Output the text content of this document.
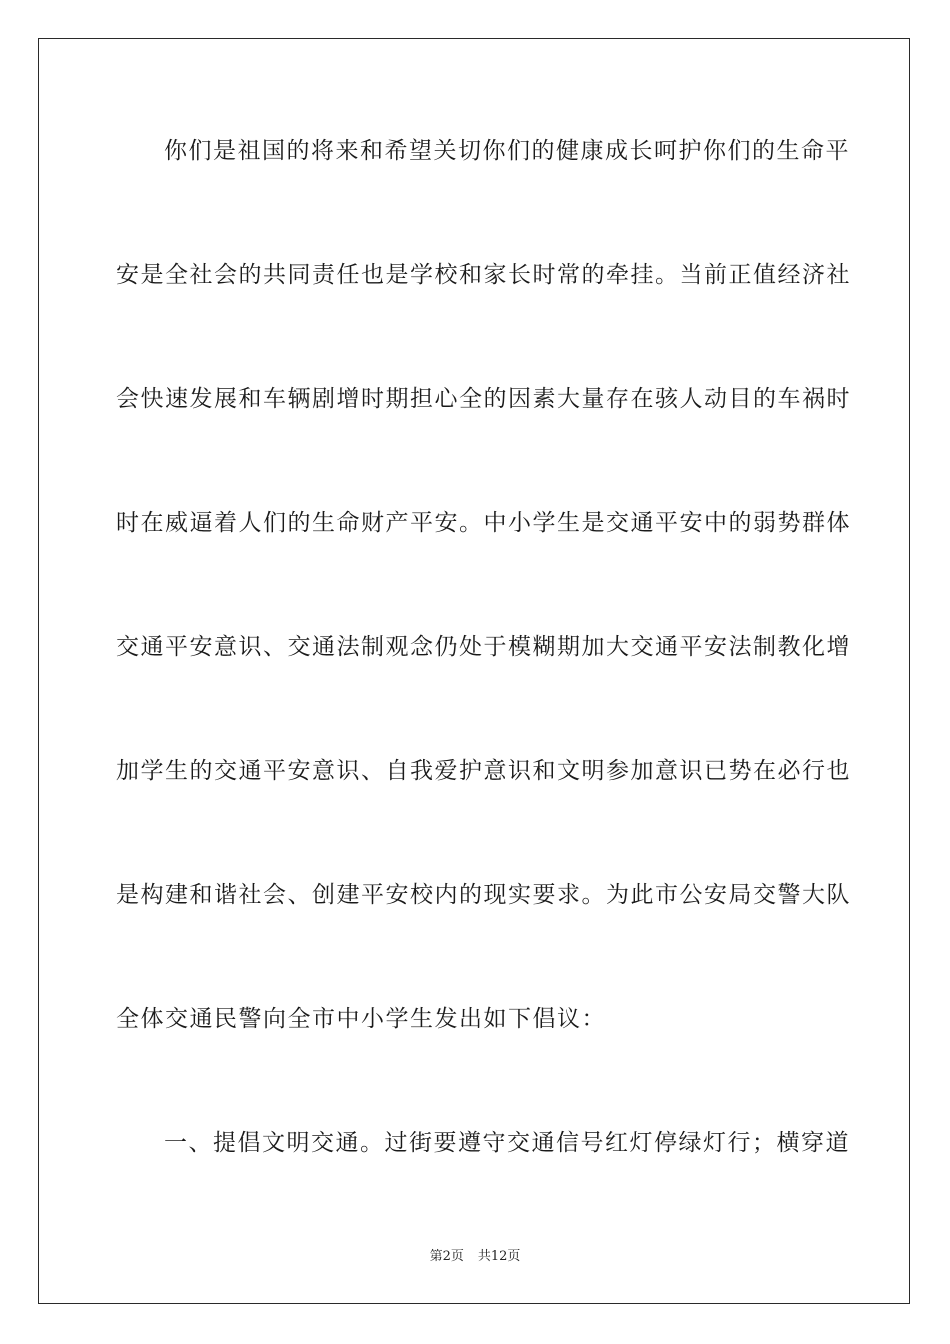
你们是祖国的将来和希望关切你们的健康成长呵护你们的生命平
安是全社会的共同责任也是学校和家长时常的牵挂。当前正值经济社
会快速发展和车辆剧增时期担心全的因素大量存在骇人动目的车祸时
时在威逼着人们的生命财产平安。中小学生是交通平安中的弱势群体
交通平安意识、交通法制观念仍处于模糊期加大交通平安法制教化增
加学生的交通平安意识、自我爱护意识和文明参加意识已势在必行也
是构建和谐社会、创建平安校内的现实要求。为此市公安局交警大队
全体交通民警向全市中小学生发出如下倡议：
一、提倡文明交通。过街要遵守交通信号红灯停绿灯行；横穿道
第2页 共12页
